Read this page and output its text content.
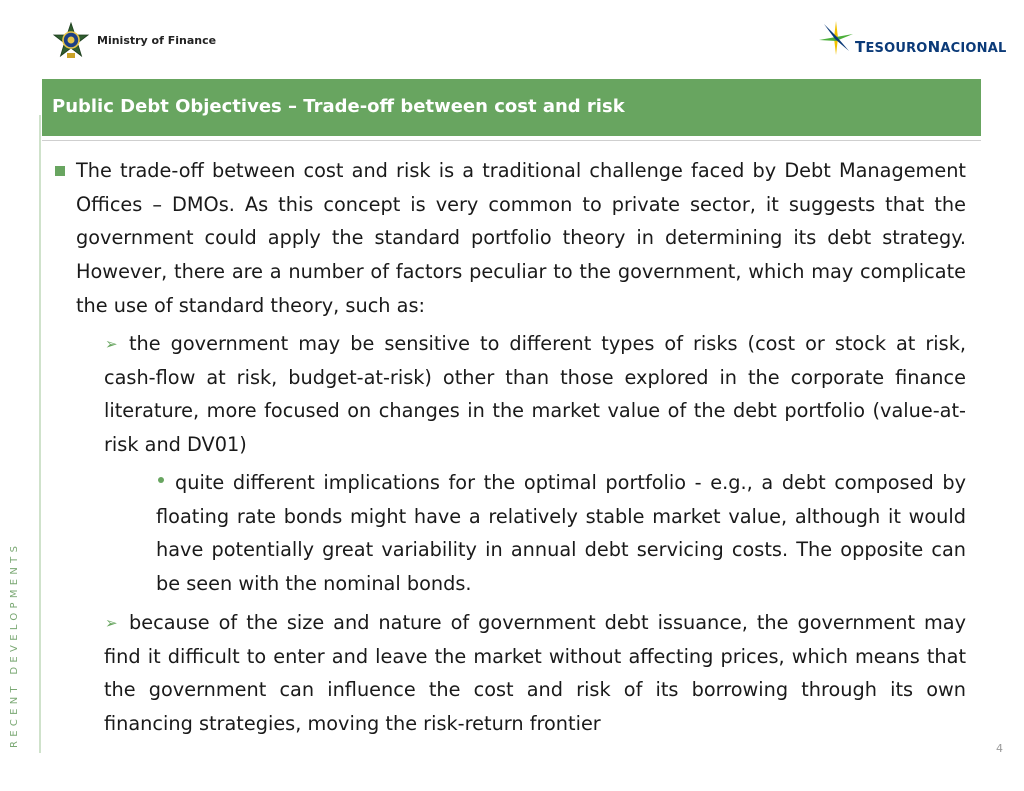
Ministry of Finance	TESOURONACIONAL
Public Debt Objectives – Trade-off between cost and risk
RECENT DEVELOPMENTS
The trade-off between cost and risk is a traditional challenge faced by Debt Management Offices – DMOs. As this concept is very common to private sector, it suggests that the government could apply the standard portfolio theory in determining its debt strategy. However, there are a number of factors peculiar to the government, which may complicate the use of standard theory, such as:
➢ the government may be sensitive to different types of risks (cost or stock at risk, cash-flow at risk, budget-at-risk) other than those explored in the corporate finance literature, more focused on changes in the market value of the debt portfolio (value-at-risk and DV01)
quite different implications for the optimal portfolio - e.g., a debt composed by floating rate bonds might have a relatively stable market value, although it would have potentially great variability in annual debt servicing costs. The opposite can be seen with the nominal bonds.
➢ because of the size and nature of government debt issuance, the government may find it difficult to enter and leave the market without affecting prices, which means that the government can influence the cost and risk of its borrowing through its own financing strategies, moving the risk-return frontier
4
